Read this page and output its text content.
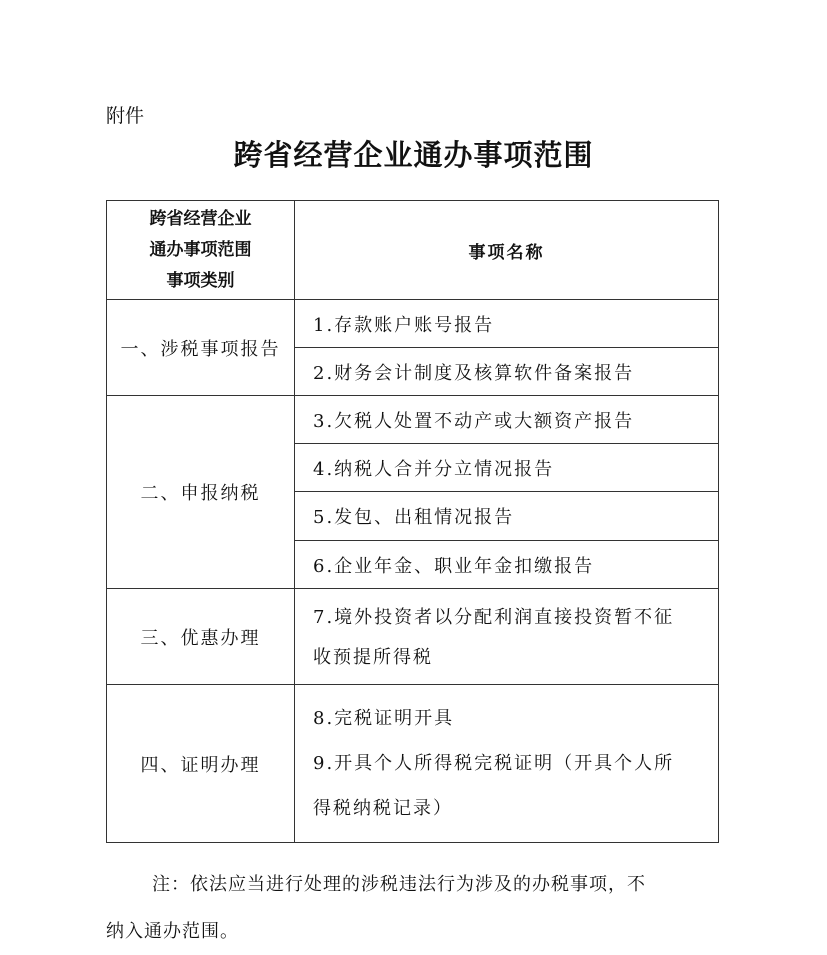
附件
跨省经营企业通办事项范围
跨省经营企业
通办事项范围
事项类别	事项名称
一、涉税事项报告	1.存款账户账号报告
	2.财务会计制度及核算软件备案报告
二、申报纳税	3.欠税人处置不动产或大额资产报告
	4.纳税人合并分立情况报告
	5.发包、出租情况报告
	6.企业年金、职业年金扣缴报告
三、优惠办理	7.境外投资者以分配利润直接投资暂不征
收预提所得税

四、证明办理	8.完税证明开具
9.开具个人所得税完税证明（开具个人所
得税纳税记录）
注：依法应当进行处理的涉税违法行为涉及的办税事项，不
纳入通办范围。
